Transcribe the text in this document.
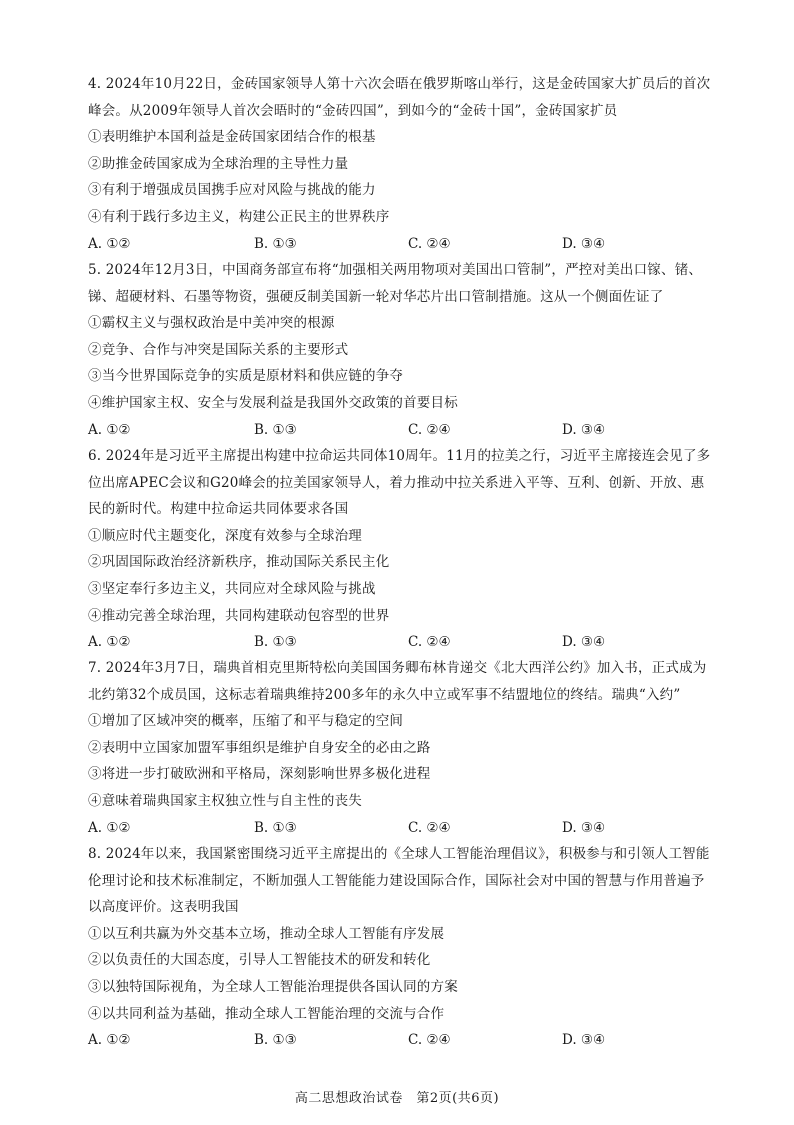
4. 2024年10月22日，金砖国家领导人第十六次会晤在俄罗斯喀山举行，这是金砖国家大扩员后的首次峰会。从2009年领导人首次会晤时的“金砖四国”，到如今的“金砖十国”，金砖国家扩员

①表明维护本国利益是金砖国家团结合作的根基

②助推金砖国家成为全球治理的主导性力量

③有利于增强成员国携手应对风险与挑战的能力

④有利于践行多边主义，构建公正民主的世界秩序

A. ①②	B. ①③	C. ②④	D. ③④

5. 2024年12月3日，中国商务部宣布将“加强相关两用物项对美国出口管制”，严控对美出口镓、锗、锑、超硬材料、石墨等物资，强硬反制美国新一轮对华芯片出口管制措施。这从一个侧面佐证了

①霸权主义与强权政治是中美冲突的根源

②竞争、合作与冲突是国际关系的主要形式

③当今世界国际竞争的实质是原材料和供应链的争夺

④维护国家主权、安全与发展利益是我国外交政策的首要目标

A. ①②	B. ①③	C. ②④	D. ③④

6. 2024年是习近平主席提出构建中拉命运共同体10周年。11月的拉美之行，习近平主席接连会见了多位出席APEC会议和G20峰会的拉美国家领导人，着力推动中拉关系进入平等、互利、创新、开放、惠民的新时代。构建中拉命运共同体要求各国

①顺应时代主题变化，深度有效参与全球治理

②巩固国际政治经济新秩序，推动国际关系民主化

③坚定奉行多边主义，共同应对全球风险与挑战

④推动完善全球治理，共同构建联动包容型的世界

A. ①②	B. ①③	C. ②④	D. ③④

7. 2024年3月7日，瑞典首相克里斯特松向美国国务卿布林肯递交《北大西洋公约》加入书，正式成为北约第32个成员国，这标志着瑞典维持200多年的永久中立或军事不结盟地位的终结。瑞典“入约”

①增加了区域冲突的概率，压缩了和平与稳定的空间

②表明中立国家加盟军事组织是维护自身安全的必由之路

③将进一步打破欧洲和平格局，深刻影响世界多极化进程

④意味着瑞典国家主权独立性与自主性的丧失

A. ①②	B. ①③	C. ②④	D. ③④

8. 2024年以来，我国紧密围绕习近平主席提出的《全球人工智能治理倡议》，积极参与和引领人工智能伦理讨论和技术标准制定，不断加强人工智能能力建设国际合作，国际社会对中国的智慧与作用普遍予以高度评价。这表明我国

①以互利共赢为外交基本立场，推动全球人工智能有序发展

②以负责任的大国态度，引导人工智能技术的研发和转化

③以独特国际视角，为全球人工智能治理提供各国认同的方案

④以共同利益为基础，推动全球人工智能治理的交流与合作

A. ①②	B. ①③	C. ②④	D. ③④
高二思想政治试卷　第2页(共6页)
